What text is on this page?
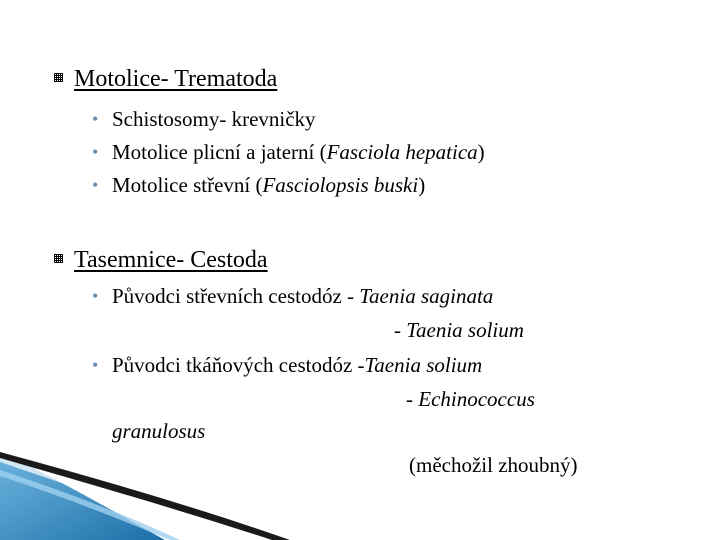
Motolice- Trematoda
• Schistosomy- krevničky
• Motolice plicní a jaterní (Fasciola hepatica)
• Motolice střevní (Fasciolopsis buski)
Tasemnice- Cestoda
• Původci střevních cestodóz - Taenia saginata
- Taenia solium
• Původci tkáňových cestodóz -Taenia solium
- Echinococcus
granulosus
(měchožil zhoubný)
